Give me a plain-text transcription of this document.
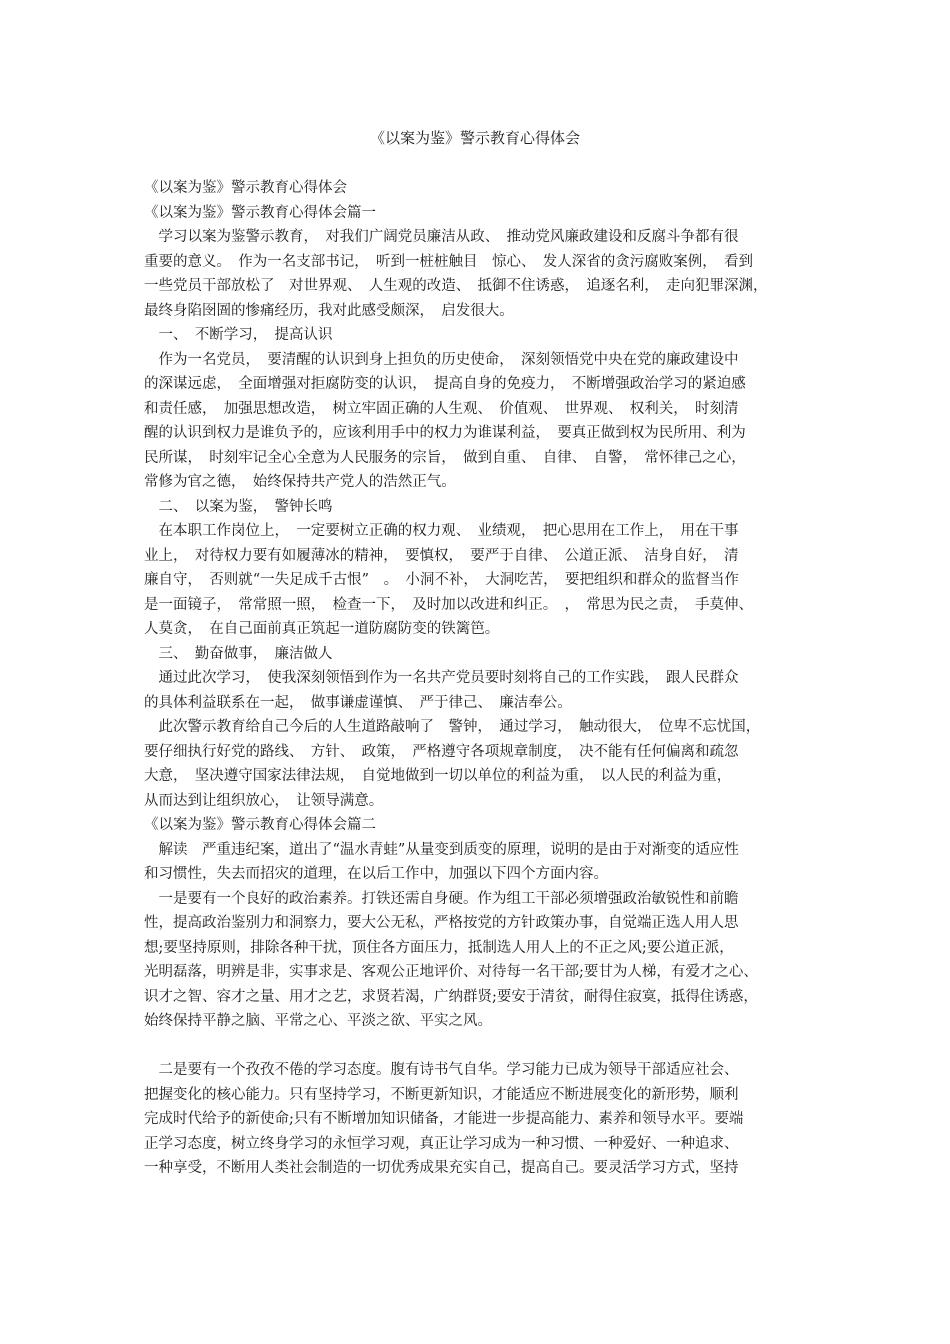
《以案为鉴》警示教育心得体会
《以案为鉴》警示教育心得体会
《以案为鉴》警示教育心得体会篇一
　学习以案为鉴警示教育，　对我们广阔党员廉洁从政、　推动党风廉政建设和反腐斗争都有很
重要的意义。　作为一名支部书记，　听到一桩桩触目　惊心、　发人深省的贪污腐败案例，　看到
一些党员干部放松了　对世界观、　人生观的改造、　抵御不住诱惑，　追逐名利，　走向犯罪深渊，
最终身陷囹圄的惨痛经历，我对此感受颇深，　启发很大。
　一、　不断学习，　提高认识
　作为一名党员，　要清醒的认识到身上担负的历史使命，　深刻领悟党中央在党的廉政建设中
的深谋远虑，　全面增强对拒腐防变的认识，　提高自身的免疫力，　不断增强政治学习的紧迫感
和责任感，　加强思想改造，　树立牢固正确的人生观、　价值观、　世界观、　权利关，　时刻清
醒的认识到权力是谁负予的，应该利用手中的权力为谁谋利益，　要真正做到权为民所用、利为
民所谋，　时刻牢记全心全意为人民服务的宗旨，　做到自重、　自律、　自警，　常怀律己之心，
常修为官之德，　始终保持共产党人的浩然正气。
　二、　以案为鉴，　警钟长鸣
　在本职工作岗位上，　一定要树立正确的权力观、　业绩观，　把心思用在工作上，　用在干事
业上，　对待权力要有如履薄冰的精神，　要慎权，　要严于自律、　公道正派、　洁身自好，　清
廉自守，　否则就“一失足成千古恨”　。　小洞不补，　大洞吃苦，　要把组织和群众的监督当作
是一面镜子，　常常照一照，　检查一下，　及时加以改进和纠正。　，　常思为民之责，　手莫伸、
人莫贪，　在自己面前真正筑起一道防腐防变的铁篱笆。
　三、　勤奋做事，　廉洁做人
　通过此次学习，　使我深刻领悟到作为一名共产党员要时刻将自己的工作实践，　跟人民群众
的具体利益联系在一起，　做事谦虚谨慎、　严于律己、　廉洁奉公。
　此次警示教育给自己今后的人生道路敲响了　警钟，　通过学习，　触动很大，　位卑不忘忧国，
要仔细执行好党的路线、　方针、　政策，　严格遵守各项规章制度，　决不能有任何偏离和疏忽
大意，　坚决遵守国家法律法规，　自觉地做到一切以单位的利益为重，　以人民的利益为重，
从而达到让组织放心，　让领导满意。
《以案为鉴》警示教育心得体会篇二
　解读　严重违纪案，道出了“温水青蛙”从量变到质变的原理，说明的是由于对渐变的适应性
和习惯性，失去而招灾的道理，在以后工作中，加强以下四个方面内容。
　一是要有一个良好的政治素养。打铁还需自身硬。作为组工干部必须增强政治敏锐性和前瞻
性，提高政治鉴别力和洞察力，要大公无私，严格按党的方针政策办事，自觉端正选人用人思
想;要坚持原则，排除各种干扰，顶住各方面压力，抵制选人用人上的不正之风;要公道正派，
光明磊落，明辨是非，实事求是、客观公正地评价、对待每一名干部;要甘为人梯，有爱才之心、
识才之智、容才之量、用才之艺，求贤若渴，广纳群贤;要安于清贫，耐得住寂寞，抵得住诱惑，
始终保持平静之脑、平常之心、平淡之欲、平实之风。
　二是要有一个孜孜不倦的学习态度。腹有诗书气自华。学习能力已成为领导干部适应社会、
把握变化的核心能力。只有坚持学习，不断更新知识，才能适应不断进展变化的新形势，顺利
完成时代给予的新使命;只有不断增加知识储备，才能进一步提高能力、素养和领导水平。要端
正学习态度，树立终身学习的永恒学习观，真正让学习成为一种习惯、一种爱好、一种追求、
一种享受，不断用人类社会制造的一切优秀成果充实自己，提高自己。要灵活学习方式，坚持
